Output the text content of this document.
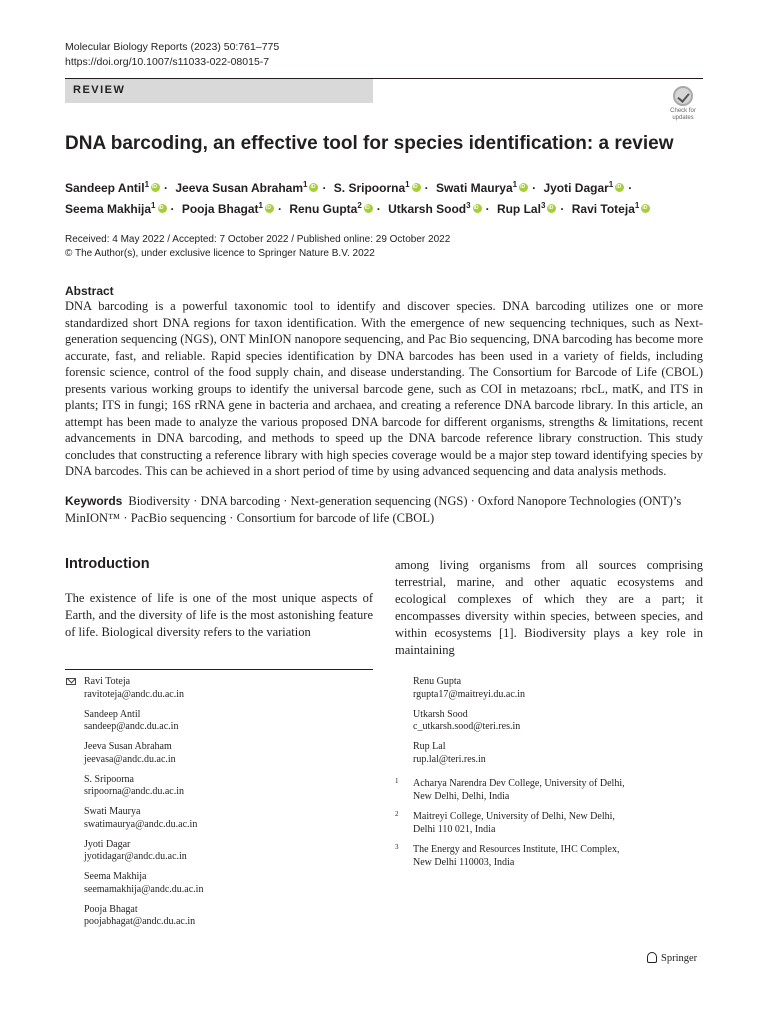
Molecular Biology Reports (2023) 50:761–775
https://doi.org/10.1007/s11033-022-08015-7
REVIEW
Check for
updates
DNA barcoding, an effective tool for species identification: a review
Sandeep Antil$^1$ iD · Jeeva Susan Abraham$^1$ iD · S. Sripoorna$^1$ iD · Swati Maurya$^1$ iD · Jyoti Dagar$^1$ iD · Seema Makhija$^1$ iD · Pooja Bhagat$^1$ iD · Renu Gupta$^2$ iD · Utkarsh Sood$^3$ iD · Rup Lal$^3$ iD · Ravi Toteja$^1$iD
Received: 4 May 2022 / Accepted: 7 October 2022 / Published online: 29 October 2022
© The Author(s), under exclusive licence to Springer Nature B.V. 2022
Abstract
DNA barcoding is a powerful taxonomic tool to identify and discover species. DNA barcoding utilizes one or more standardized short DNA regions for taxon identification. With the emergence of new sequencing techniques, such as Next-generation sequencing (NGS), ONT MinION nanopore sequencing, and Pac Bio sequencing, DNA barcoding has become more accurate, fast, and reliable. Rapid species identification by DNA barcodes has been used in a variety of fields, including forensic science, control of the food supply chain, and disease understanding. The Consortium for Barcode of Life (CBOL) presents various working groups to identify the universal barcode gene, such as COI in metazoans; rbcL, matK, and ITS in plants; ITS in fungi; 16S rRNA gene in bacteria and archaea, and creating a reference DNA barcode library. In this article, an attempt has been made to analyze the various proposed DNA barcode for different organisms, strengths & limitations, recent advancements in DNA barcoding, and methods to speed up the DNA barcode reference library construction. This study concludes that constructing a reference library with high species coverage would be a major step toward identifying species by DNA barcodes. This can be achieved in a short period of time by using advanced sequencing and data analysis methods.
Keywords Biodiversity · DNA barcoding · Next-generation sequencing (NGS) · Oxford Nanopore Technologies (ONT)’s MinION™ · PacBio sequencing · Consortium for barcode of life (CBOL)
Introduction
The existence of life is one of the most unique aspects of Earth, and the diversity of life is the most astonishing feature of life. Biological diversity refers to the variation
among living organisms from all sources comprising terrestrial, marine, and other aquatic ecosystems and ecological complexes of which they are a part; it encompasses diversity within species, between species, and within ecosystems [1]. Biodiversity plays a key role in maintaining
Ravi Toteja
ravitoteja@andc.du.ac.in
Sandeep Antil
sandeep@andc.du.ac.in
Jeeva Susan Abraham
jeevasa@andc.du.ac.in
S. Sripoorna
sripoorna@andc.du.ac.in
Swati Maurya
swatimaurya@andc.du.ac.in
Jyoti Dagar
jyotidagar@andc.du.ac.in
Seema Makhija
seemamakhija@andc.du.ac.in
Pooja Bhagat
poojabhagat@andc.du.ac.in
Renu Gupta
rgupta17@maitreyi.du.ac.in
Utkarsh Sood
c_utkarsh.sood@teri.res.in
Rup Lal
rup.lal@teri.res.in
1 Acharya Narendra Dev College, University of Delhi,
New Delhi, Delhi, India
2 Maitreyi College, University of Delhi, New Delhi,
Delhi 110 021, India
3 The Energy and Resources Institute, IHC Complex,
New Delhi 110003, India
Springer
